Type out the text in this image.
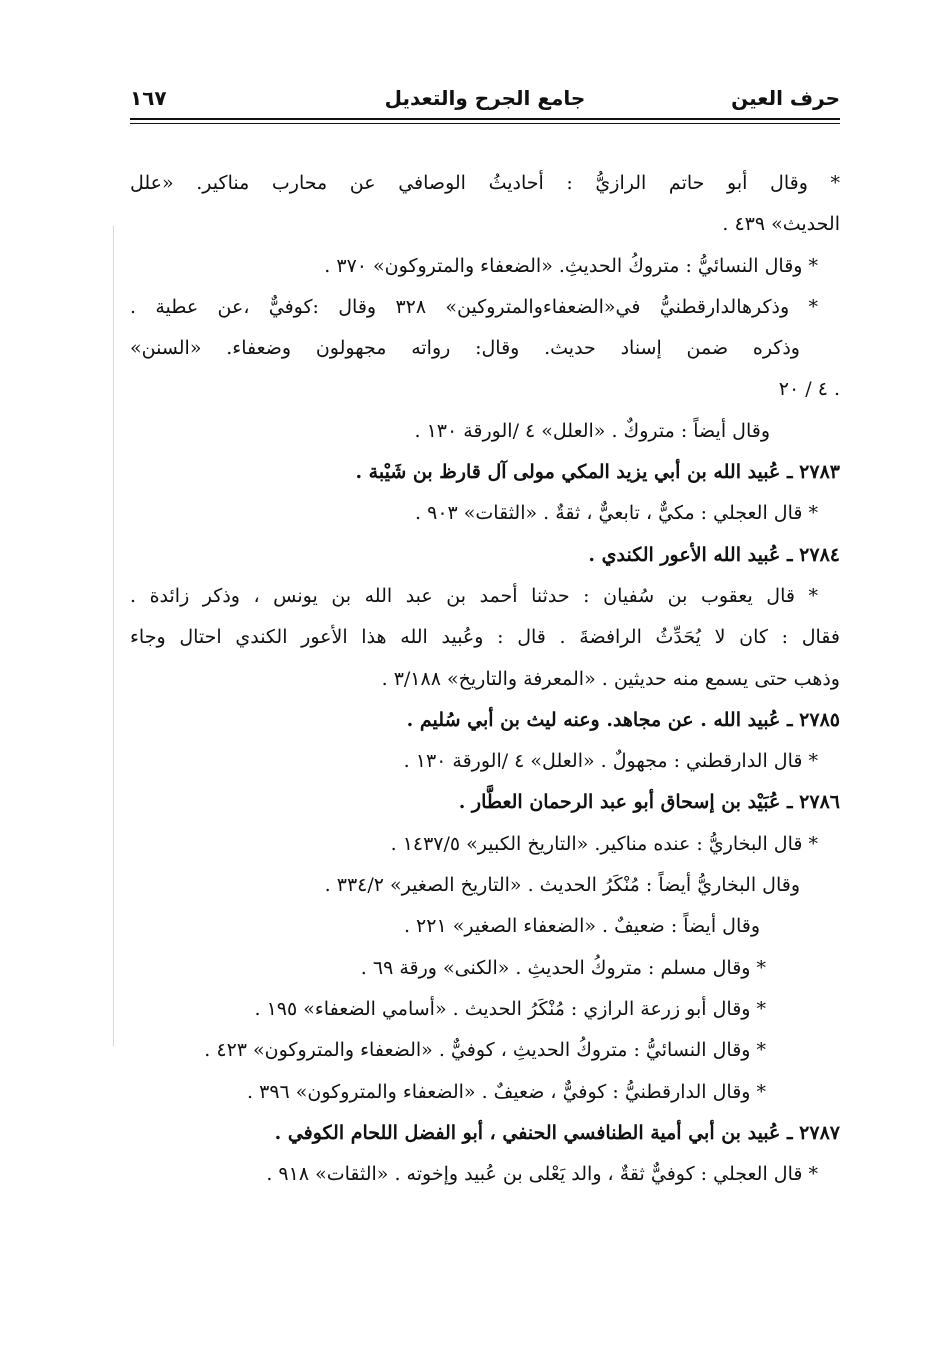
حرف العين
جامع الجرح والتعديل
١٦٧
* وقال أبو حاتم الرازيُّ : أحاديثُ الوصافي عن محارب مناكير. «علل
الحديث» ٤٣٩ .
* وقال النسائيُّ : متروكُ الحديثِ. «الضعفاء والمتروكون» ٣٧٠ .
* وذكرهالدارقطنيُّ في«الضعفاءوالمتروكين» ٣٢٨ وقال :كوفيٌّ ،عن عطية .
وذكره ضمن إسناد حديث. وقال: رواته مجهولون وضعفاء. «السنن»
٤ / ٢٠ .
وقال أيضاً : متروكٌ . «العلل» ٤ /الورقة ١٣٠ .
٢٧٨٣ ـ عُبيد الله بن أبي يزيد المكي مولى آل قارظ بن شَيْبة .
* قال العجلي : مكيٌّ ، تابعيٌّ ، ثقةٌ . «الثقات» ٩٠٣ .
٢٧٨٤ ـ عُبيد الله الأعور الكندي .
* قال يعقوب بن سُفيان : حدثنا أحمد بن عبد الله بن يونس ، وذكر زائدة .
فقال : كان لا يُحَدِّثُ الرافضةَ . قال : وعُبيد الله هذا الأعور الكندي احتال وجاء
وذهب حتى يسمع منه حديثين . «المعرفة والتاريخ» ٣/١٨٨ .
٢٧٨٥ ـ عُبيد الله . عن مجاهد. وعنه ليث بن أبي سُليم .
* قال الدارقطني : مجهولٌ . «العلل» ٤ /الورقة ١٣٠ .
٢٧٨٦ ـ عُبَيْد بن إسحاق أبو عبد الرحمان العطَّار .
* قال البخاريُّ : عنده مناكير. «التاريخ الكبير» ١٤٣٧/٥ .
وقال البخاريُّ أيضاً : مُنْكَرُ الحديث . «التاريخ الصغير» ٣٣٤/٢ .
وقال أيضاً : ضعيفٌ . «الضعفاء الصغير» ٢٢١ .
* وقال مسلم : متروكُ الحديثِ . «الكنى» ورقة ٦٩ .
* وقال أبو زرعة الرازي : مُنْكَرُ الحديث . «أسامي الضعفاء» ١٩٥ .
* وقال النسائيُّ : متروكُ الحديثِ ، كوفيٌّ . «الضعفاء والمتروكون» ٤٢٣ .
* وقال الدارقطنيُّ : كوفيٌّ ، ضعيفٌ . «الضعفاء والمتروكون» ٣٩٦ .
٢٧٨٧ ـ عُبيد بن أبي أمية الطنافسي الحنفي ، أبو الفضل اللحام الكوفي .
* قال العجلي : كوفيٌّ ثقةٌ ، والد يَعْلى بن عُبيد وإخوته . «الثقات» ٩١٨ .
